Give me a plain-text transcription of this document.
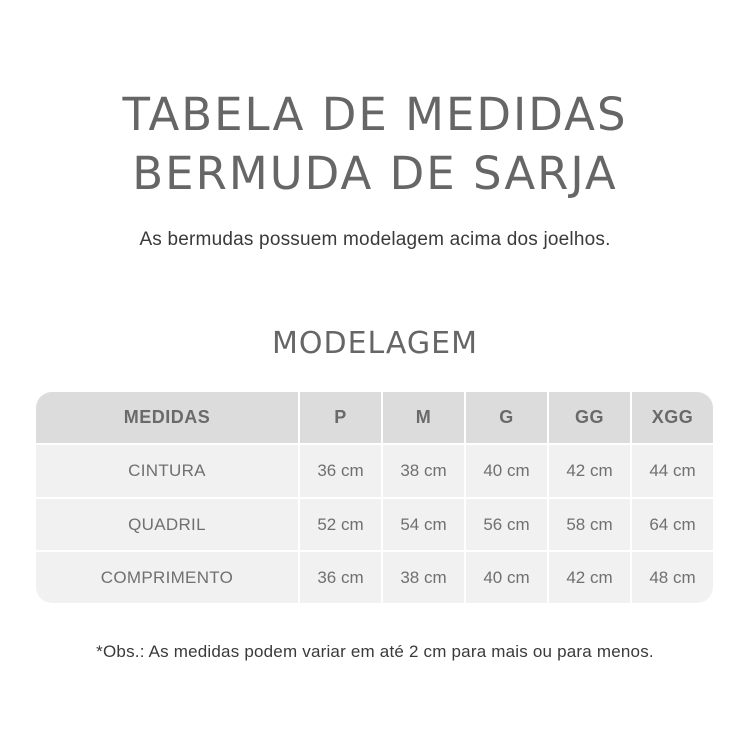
TABELA DE MEDIDAS
BERMUDA DE SARJA
As bermudas possuem modelagem acima dos joelhos.
MODELAGEM
MEDIDAS	P	M	G	GG	XGG
CINTURA	36 cm	38 cm	40 cm	42 cm	44 cm
QUADRIL	52 cm	54 cm	56 cm	58 cm	64 cm
COMPRIMENTO	36 cm	38 cm	40 cm	42 cm	48 cm
*Obs.: As medidas podem variar em até 2 cm para mais ou para menos.
